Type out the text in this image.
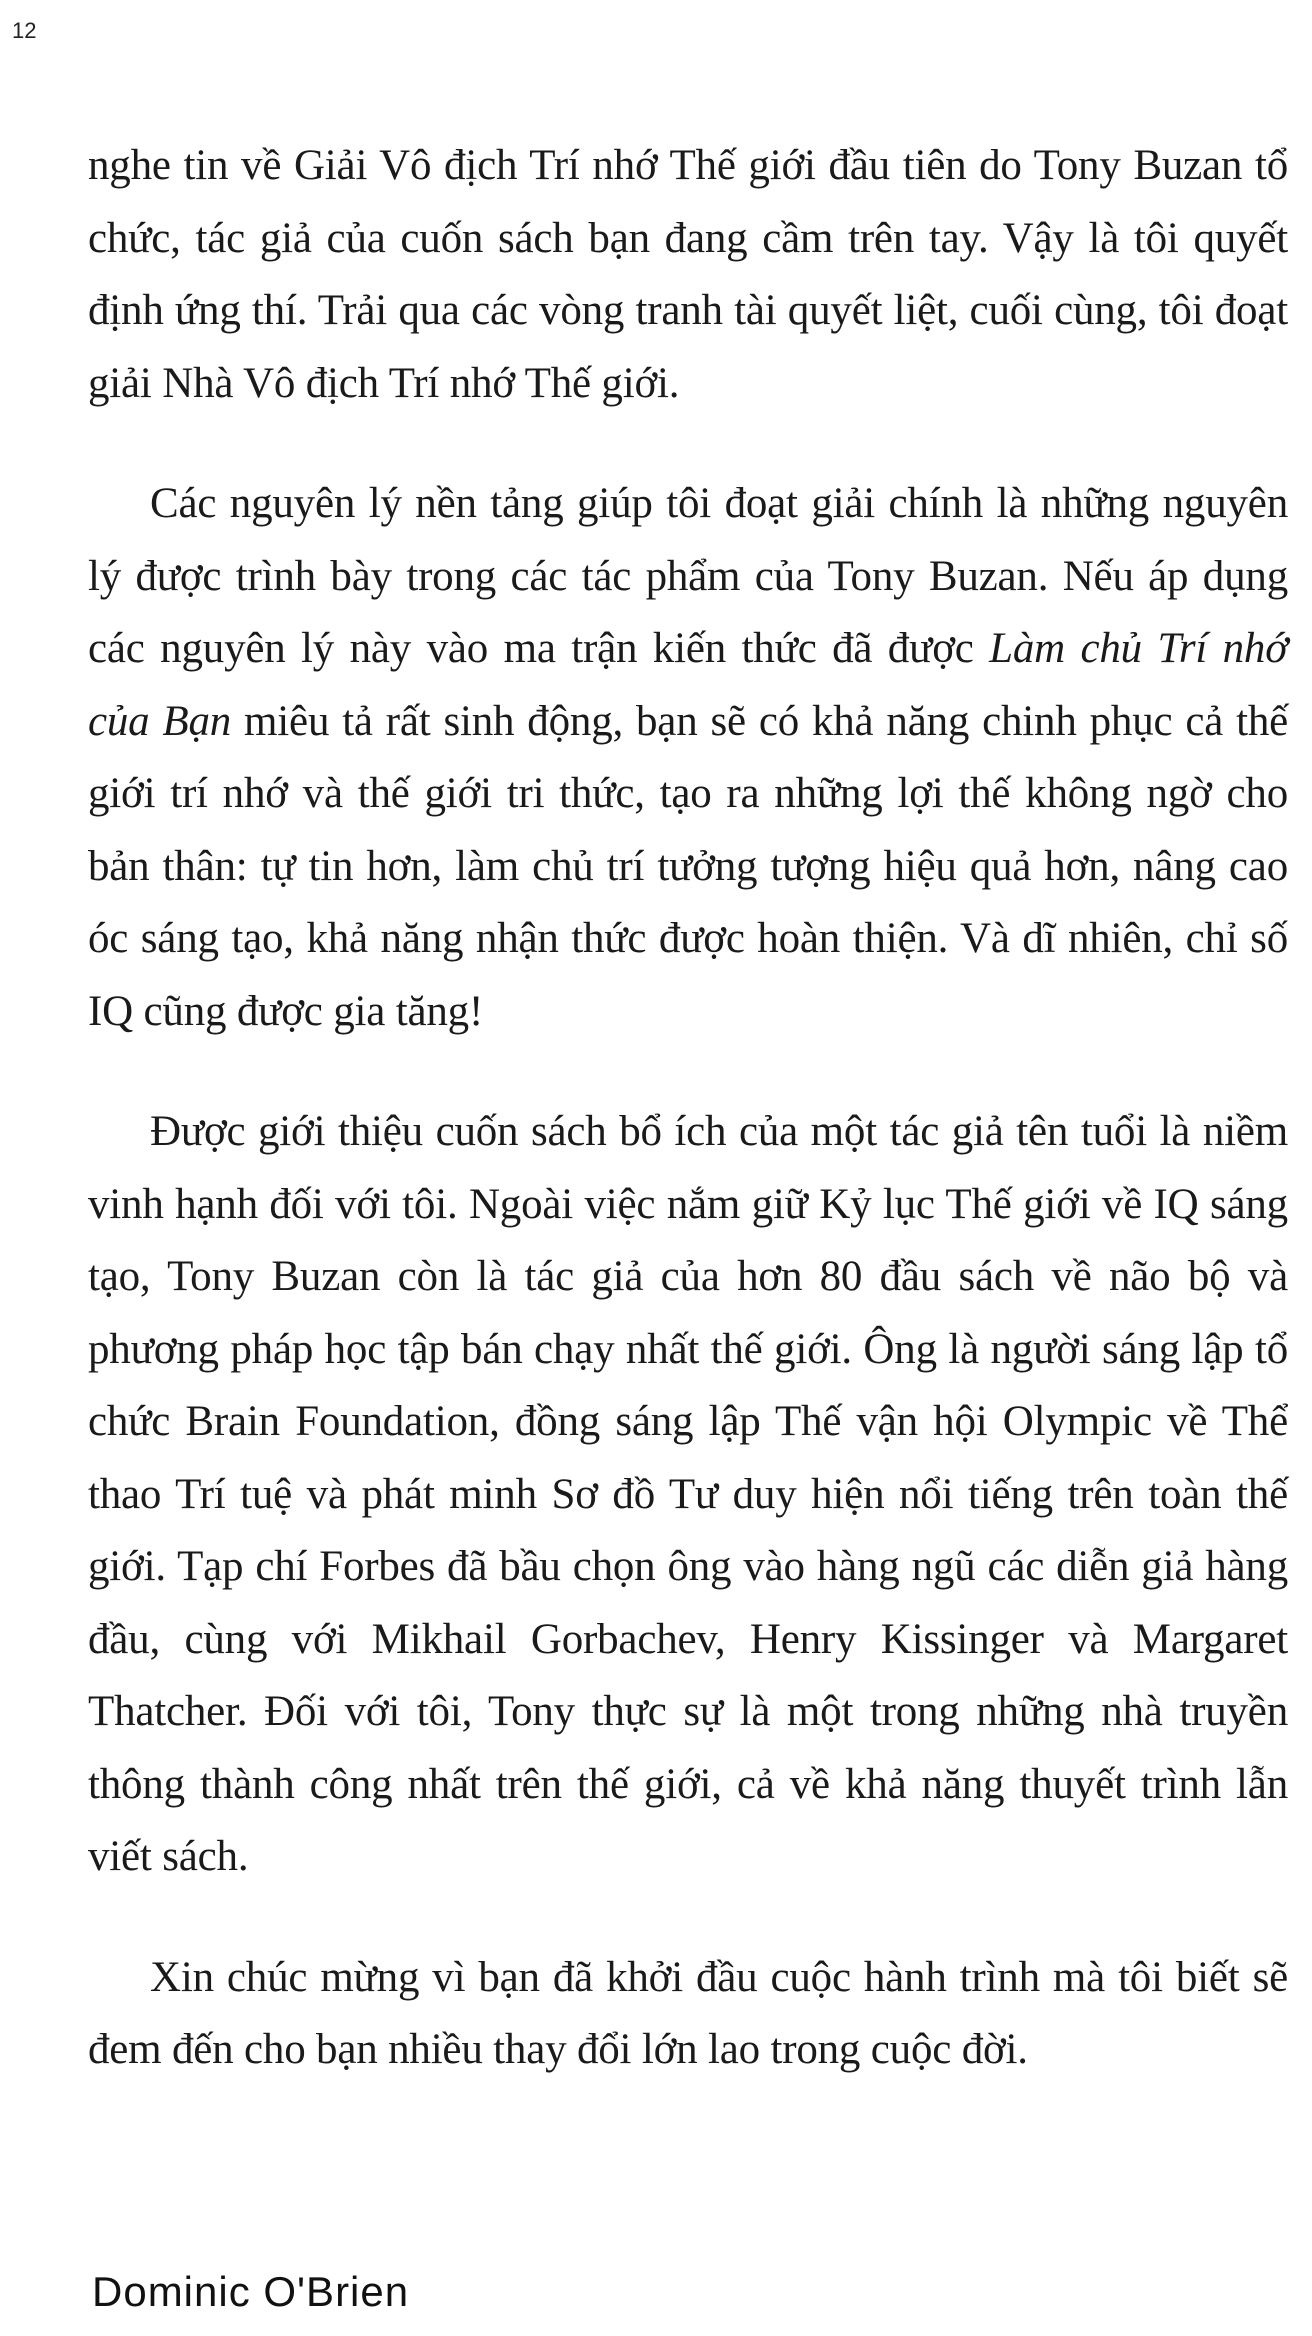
12

nghe tin về Giải Vô địch Trí nhớ Thế giới đầu tiên do Tony Buzan tổ chức, tác giả của cuốn sách bạn đang cầm trên tay. Vậy là tôi quyết định ứng thí. Trải qua các vòng tranh tài quyết liệt, cuối cùng, tôi đoạt giải Nhà Vô địch Trí nhớ Thế giới.

Các nguyên lý nền tảng giúp tôi đoạt giải chính là những nguyên lý được trình bày trong các tác phẩm của Tony Buzan. Nếu áp dụng các nguyên lý này vào ma trận kiến thức đã được Làm chủ Trí nhớ của Bạn miêu tả rất sinh động, bạn sẽ có khả năng chinh phục cả thế giới trí nhớ và thế giới tri thức, tạo ra những lợi thế không ngờ cho bản thân: tự tin hơn, làm chủ trí tưởng tượng hiệu quả hơn, nâng cao óc sáng tạo, khả năng nhận thức được hoàn thiện. Và dĩ nhiên, chỉ số IQ cũng được gia tăng!

Được giới thiệu cuốn sách bổ ích của một tác giả tên tuổi là niềm vinh hạnh đối với tôi. Ngoài việc nắm giữ Kỷ lục Thế giới về IQ sáng tạo, Tony Buzan còn là tác giả của hơn 80 đầu sách về não bộ và phương pháp học tập bán chạy nhất thế giới. Ông là người sáng lập tổ chức Brain Foundation, đồng sáng lập Thế vận hội Olympic về Thể thao Trí tuệ và phát minh Sơ đồ Tư duy hiện nổi tiếng trên toàn thế giới. Tạp chí Forbes đã bầu chọn ông vào hàng ngũ các diễn giả hàng đầu, cùng với Mikhail Gorbachev, Henry Kissinger và Margaret Thatcher. Đối với tôi, Tony thực sự là một trong những nhà truyền thông thành công nhất trên thế giới, cả về khả năng thuyết trình lẫn viết sách.

Xin chúc mừng vì bạn đã khởi đầu cuộc hành trình mà tôi biết sẽ đem đến cho bạn nhiều thay đổi lớn lao trong cuộc đời.

Dominic O'Brien
